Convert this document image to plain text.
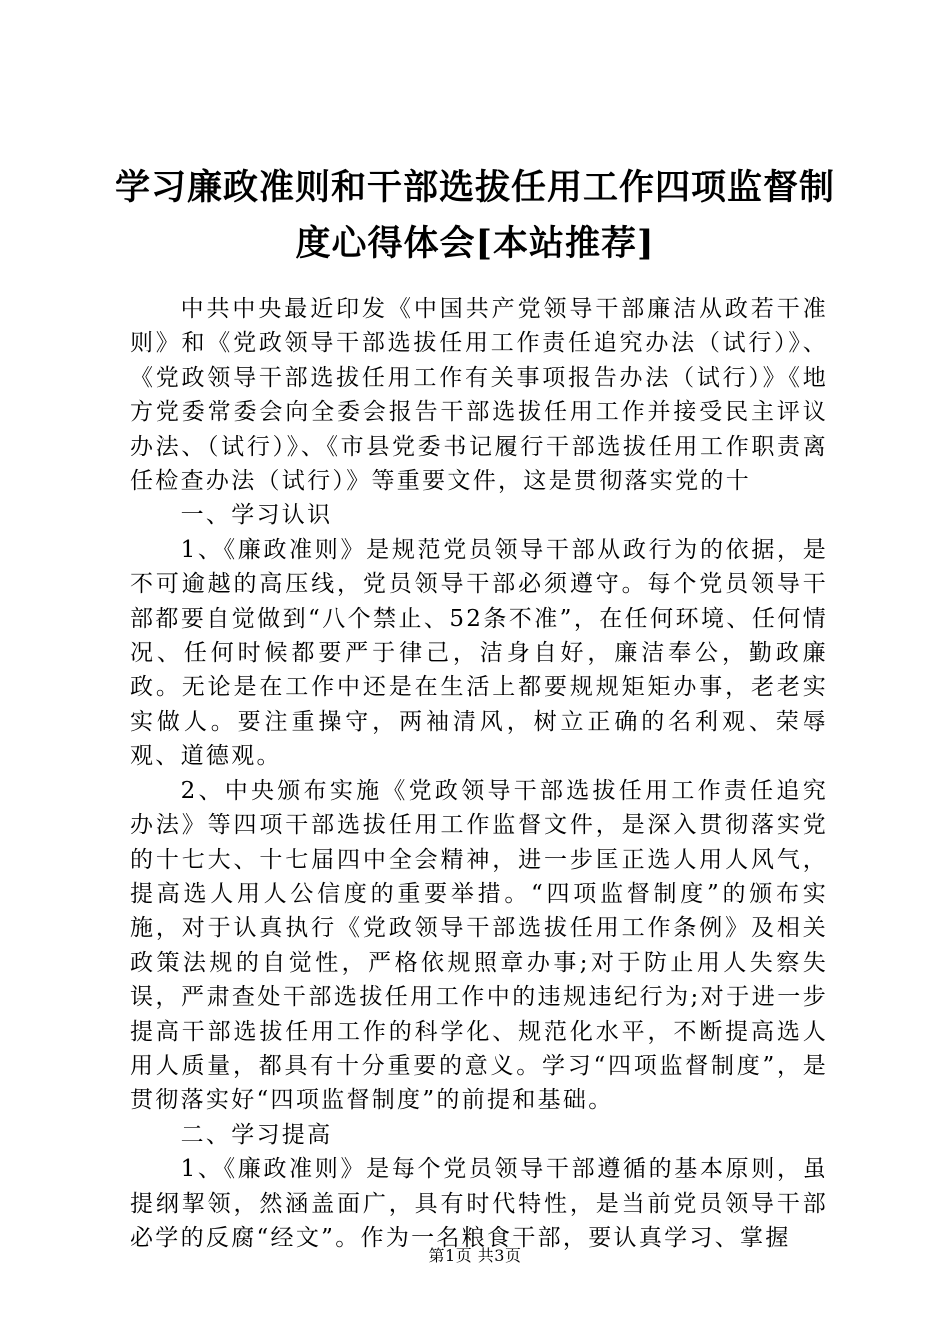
学习廉政准则和干部选拔任用工作四项监督制度心得体会[本站推荐]

中共中央最近印发《中国共产党领导干部廉洁从政若干准则》和《党政领导干部选拔任用工作责任追究办法（试行）》、《党政领导干部选拔任用工作有关事项报告办法（试行）》《地方党委常委会向全委会报告干部选拔任用工作并接受民主评议办法、（试行）》、《市县党委书记履行干部选拔任用工作职责离任检查办法（试行）》等重要文件，这是贯彻落实党的十

一、学习认识

1、《廉政准则》是规范党员领导干部从政行为的依据，是不可逾越的高压线，党员领导干部必须遵守。每个党员领导干部都要自觉做到“八个禁止、52条不准”，在任何环境、任何情况、任何时候都要严于律己，洁身自好，廉洁奉公，勤政廉政。无论是在工作中还是在生活上都要规规矩矩办事，老老实实做人。要注重操守，两袖清风，树立正确的名利观、荣辱观、道德观。

2、中央颁布实施《党政领导干部选拔任用工作责任追究办法》等四项干部选拔任用工作监督文件，是深入贯彻落实党的十七大、十七届四中全会精神，进一步匡正选人用人风气，提高选人用人公信度的重要举措。“四项监督制度”的颁布实施，对于认真执行《党政领导干部选拔任用工作条例》及相关政策法规的自觉性，严格依规照章办事;对于防止用人失察失误，严肃查处干部选拔任用工作中的违规违纪行为;对于进一步提高干部选拔任用工作的科学化、规范化水平，不断提高选人用人质量，都具有十分重要的意义。学习“四项监督制度”，是贯彻落实好“四项监督制度”的前提和基础。

二、学习提高

1、《廉政准则》是每个党员领导干部遵循的基本原则，虽提纲挈领，然涵盖面广，具有时代特性，是当前党员领导干部必学的反腐“经文”。作为一名粮食干部，要认真学习、掌握

第1页 共3页
